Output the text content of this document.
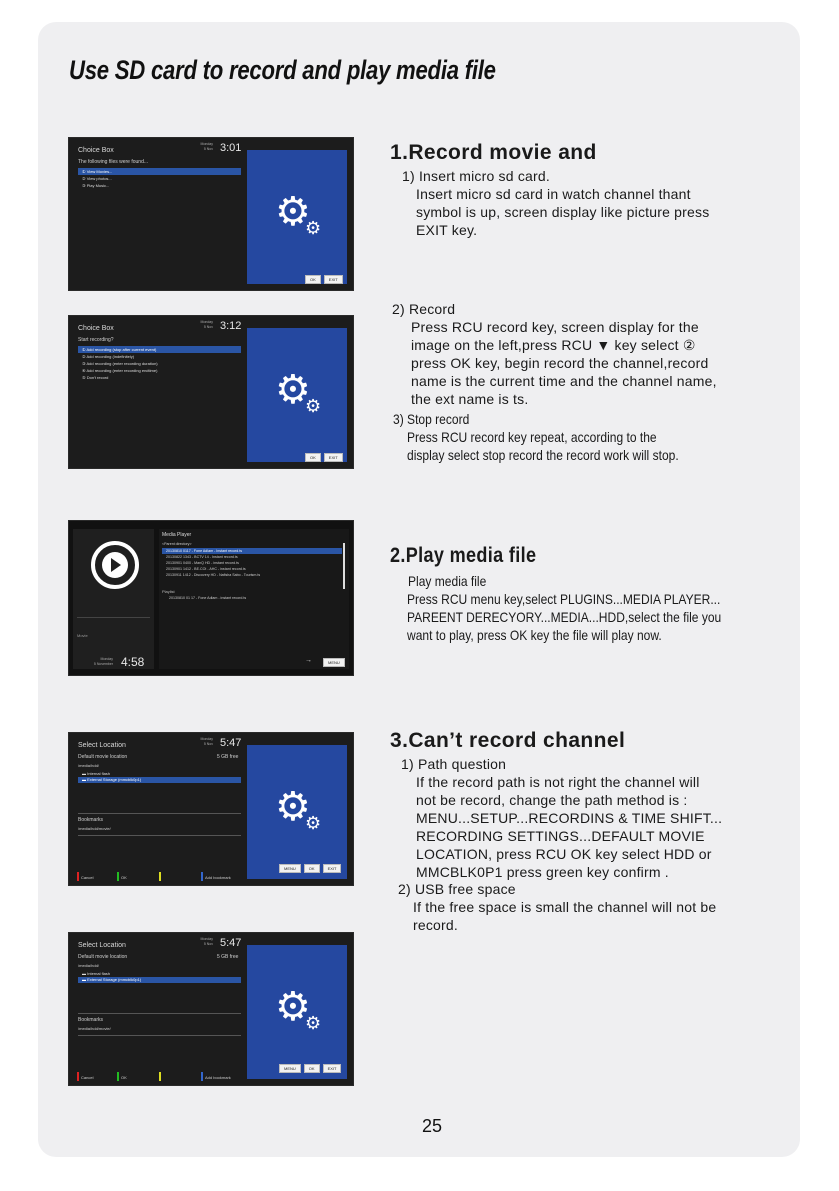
Use SD card to record and play media file
Choice Box
The following files were found...
Monday
5 Nov 3:01
① View Movies...
② View photos...
③ Play Music...
⚙
⚙
OK	EXIT
Choice Box
Start recording?
Monday
5 Nov 3:12
① Add recording (stop after current event)
② Add recording (indefinitely)
③ Add recording (enter recording duration)
④ Add recording (enter recording endtime)
⑤ Don't record	⚙
⚙
OK	EXIT
Movie
Monday
5 November 4:58
Media Player
<Parent directory>
20130810 0117 - Fone Adlam - Instant record.ts
20130822 1343 - BCTV 14 - Instant record.ts
20130901 0400 - ManQ HD - instant record.ts
20130901 1412 - BE.COI - AHC - instant record.ts
20130911 1412 - Discovery HD - Nafisha Sabo - Tourism.ts
Playlist
20130810 01 17 - Fone Adlam - instant record.ts
→	MENU
Select Location
Monday
5 Nov 5:47
Default movie location	5 GB free
/media/hdd/
▬ Internal flash
▬ External Storage (mmcblk0p1)
Bookmarks
/media/hdd/movie/
Cancel	OK	Add bookmark
⚙
⚙
MENU	OK	EXIT
Select Location
Monday
5 Nov 5:47
Default movie location	5 GB free
/media/hdd/
▬ Internal flash
▬ External Storage (mmcblk0p1)
Bookmarks
/media/hdd/movie/
Cancel	OK	Add bookmark
⚙
⚙
MENU	OK	EXIT
1.Record movie and
1) Insert micro sd card.
Insert micro sd card in watch channel thant
symbol is up, screen display like picture press
EXIT key.
2) Record
Press RCU record key, screen display for the
image on the left,press RCU ▼ key select ②
press OK key, begin record the channel,record
name is the current time and the channel name,
the ext name is ts.
3) Stop record
Press RCU record key repeat, according to the
display select stop record the record work will stop.
2.Play media file
Play media file
Press RCU menu key,select PLUGINS...MEDIA PLAYER...
PAREENT DERECYORY...MEDIA...HDD,select the file you
want to play, press OK key the file will play now.
3.Can’t record channel
1) Path question
If the record path is not right the channel will
not be record, change the path method is :
MENU...SETUP...RECORDINS & TIME SHIFT...
RECORDING SETTINGS...DEFAULT MOVIE
LOCATION, press RCU OK key select HDD or
MMCBLK0P1 press green key confirm .
2) USB free space
If the free space is small the channel will not be
record.
25
